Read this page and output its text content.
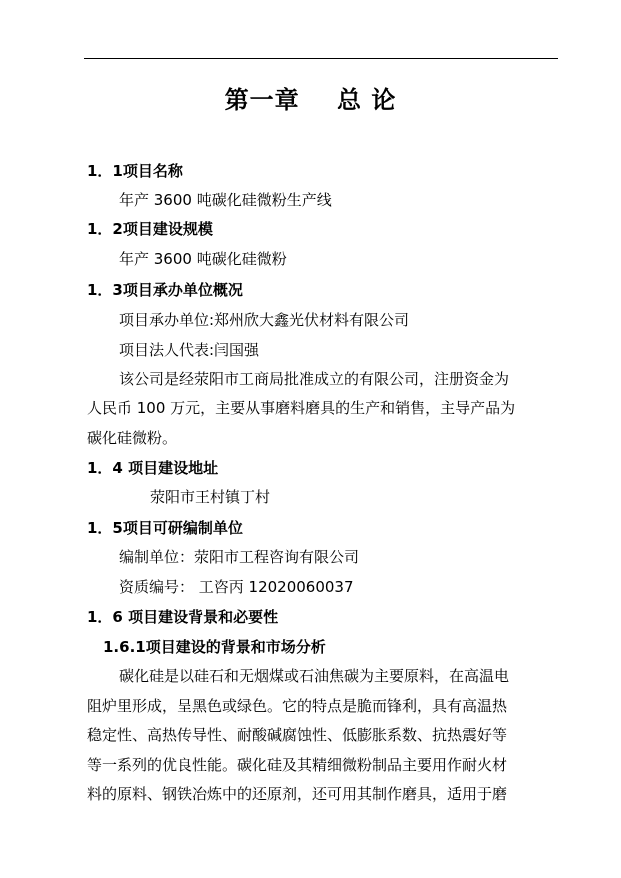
第一章    总 论
1．1项目名称
年产 3600 吨碳化硅微粉生产线
1．2项目建设规模
年产 3600 吨碳化硅微粉
1．3项目承办单位概况
项目承办单位:郑州欣大鑫光伏材料有限公司
项目法人代表:闫国强
该公司是经荥阳市工商局批准成立的有限公司，注册资金为
人民币 100 万元，主要从事磨料磨具的生产和销售，主导产品为
碳化硅微粉。
1．4 项目建设地址
荥阳市王村镇丁村
1．5项目可研编制单位
编制单位：荥阳市工程咨询有限公司
资质编号： 工咨丙 12020060037
1．6 项目建设背景和必要性
1.6.1项目建设的背景和市场分析
碳化硅是以硅石和无烟煤或石油焦碳为主要原料，在高温电
阻炉里形成，呈黑色或绿色。它的特点是脆而锋利，具有高温热
稳定性、高热传导性、耐酸碱腐蚀性、低膨胀系数、抗热震好等
等一系列的优良性能。碳化硅及其精细微粉制品主要用作耐火材
料的原料、钢铁冶炼中的还原剂，还可用其制作磨具，适用于磨
